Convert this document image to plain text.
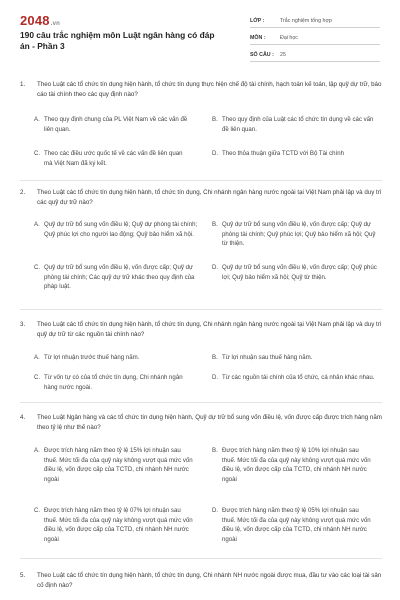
2048.vn
190 câu trắc nghiệm môn Luật ngân hàng có đáp án - Phần 3
LỚP :	Trắc nghiệm tổng hợp
MÔN :	Đại học
SỐ CÂU :	25
1.	Theo Luật các tổ chức tín dụng hiện hành, tổ chức tín dụng thực hiện chế độ tài chính, hạch toán kế toán, lập quỹ dự trữ, báo cáo tài chính theo các quy định nào?
A. Theo quy định chung của PL Việt Nam về các vấn đề liên quan.
B. Theo quy định của Luật các tổ chức tín dụng về các vấn đề liên quan.
C. Theo các điều ước quốc tế về các vấn đề liên quan mà Việt Nam đã ký kết.
D. Theo thỏa thuận giữa TCTD với Bộ Tài chính
2.	Theo Luật các tổ chức tín dụng hiện hành, tổ chức tín dụng, Chi nhánh ngân hàng nước ngoài tại Việt Nam phải lập và duy trì các quỹ dự trữ nào?
A. Quỹ dự trữ bổ sung vốn điều lệ; Quỹ dự phòng tài chính; Quỹ phúc lợi cho người lao động; Quỹ bảo hiểm xã hội.
B. Quỹ dự trữ bổ sung vốn điều lệ, vốn được cấp; Quỹ dự phòng tài chính; Quỹ phúc lợi; Quỹ bảo hiểm xã hội; Quỹ từ thiện.
C. Quỹ dự trữ bổ sung vốn điều lệ, vốn được cấp; Quỹ dự phòng tài chính; Các quỹ dự trữ khác theo quy định của pháp luật.
D. Quỹ dự trữ bổ sung vốn điều lệ, vốn được cấp; Quỹ phúc lợi; Quỹ bảo hiểm xã hội; Quỹ từ thiện.
3.	Theo Luật các tổ chức tín dụng hiện hành, tổ chức tín dụng, Chi nhánh ngân hàng nước ngoài tại Việt Nam phải lập và duy trì quỹ dự trữ từ các nguồn tài chính nào?
A. Từ lợi nhuận trước thuế hàng năm.	B. Từ lợi nhuận sau thuế hàng năm.
C. Từ vốn tự có của tổ chức tín dụng, Chi nhánh ngân hàng nước ngoài.
D. Từ các nguồn tài chính của tổ chức, cá nhân khác nhau.
4.	Theo Luật Ngân hàng và các tổ chức tín dụng hiện hành, Quỹ dự trữ bổ sung vốn điều lệ, vốn được cấp được trích hàng năm theo tỷ lệ như thế nào?
A. Được trích hàng năm theo tỷ lệ 15% lợi nhuận sau thuế. Mức tối đa của quỹ này không vượt quá mức vốn điều lệ, vốn được cấp của TCTD, chi nhánh NH nước ngoài
B. Được trích hàng năm theo tỷ lệ 10% lợi nhuận sau thuế. Mức tối đa của quỹ này không vượt quá mức vốn điều lệ, vốn được cấp của TCTD, chi nhánh NH nước ngoài
C. Được trích hàng năm theo tỷ lệ 07% lợi nhuận sau thuế. Mức tối đa của quỹ này không vượt quá mức vốn điều lệ, vốn được cấp của TCTD, chi nhánh NH nước ngoài
D. Được trích hàng năm theo tỷ lệ 05% lợi nhuận sau thuế. Mức tối đa của quỹ này không vượt quá mức vốn điều lệ, vốn được cấp của TCTD, chi nhánh NH nước ngoài
5.	Theo Luật các tổ chức tín dụng hiện hành, tổ chức tín dụng, Chi nhánh NH nước ngoài được mua, đầu tư vào các loại tài sản cố định nào?
